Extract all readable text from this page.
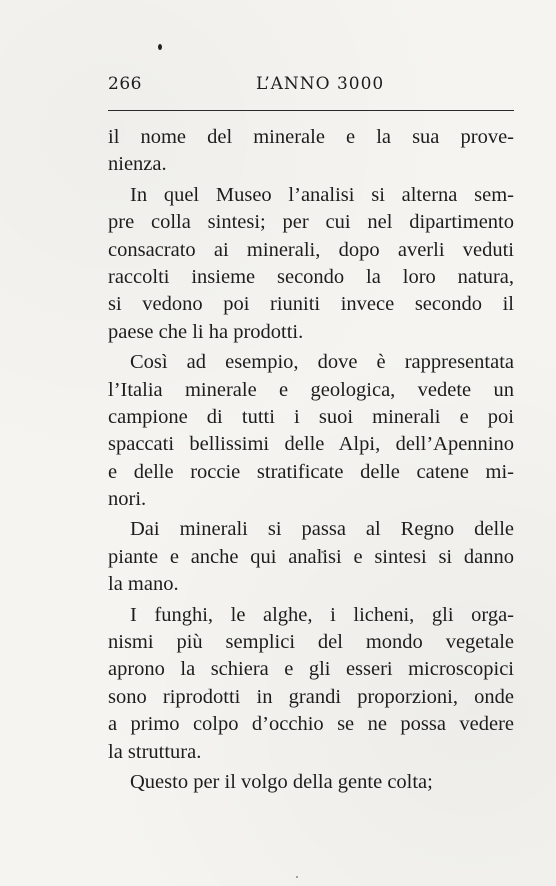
266	L’ANNO 3000
il nome del minerale e la sua prove-
nienza.
In quel Museo l’analisi si alterna sem-
pre colla sintesi; per cui nel dipartimento
consacrato ai minerali, dopo averli veduti
raccolti insieme secondo la loro natura,
si vedono poi riuniti invece secondo il
paese che li ha prodotti.
Così ad esempio, dove è rappresentata
l’Italia minerale e geologica, vedete un
campione di tutti i suoi minerali e poi
spaccati bellissimi delle Alpi, dell’Apennino
e delle roccie stratificate delle catene mi-
nori.
Dai minerali si passa al Regno delle
piante e anche qui analisi e sintesi si danno
la mano.
I funghi, le alghe, i licheni, gli orga-
nismi più semplici del mondo vegetale
aprono la schiera e gli esseri microscopici
sono riprodotti in grandi proporzioni, onde
a primo colpo d’occhio se ne possa vedere
la struttura.
Questo per il volgo della gente colta;
